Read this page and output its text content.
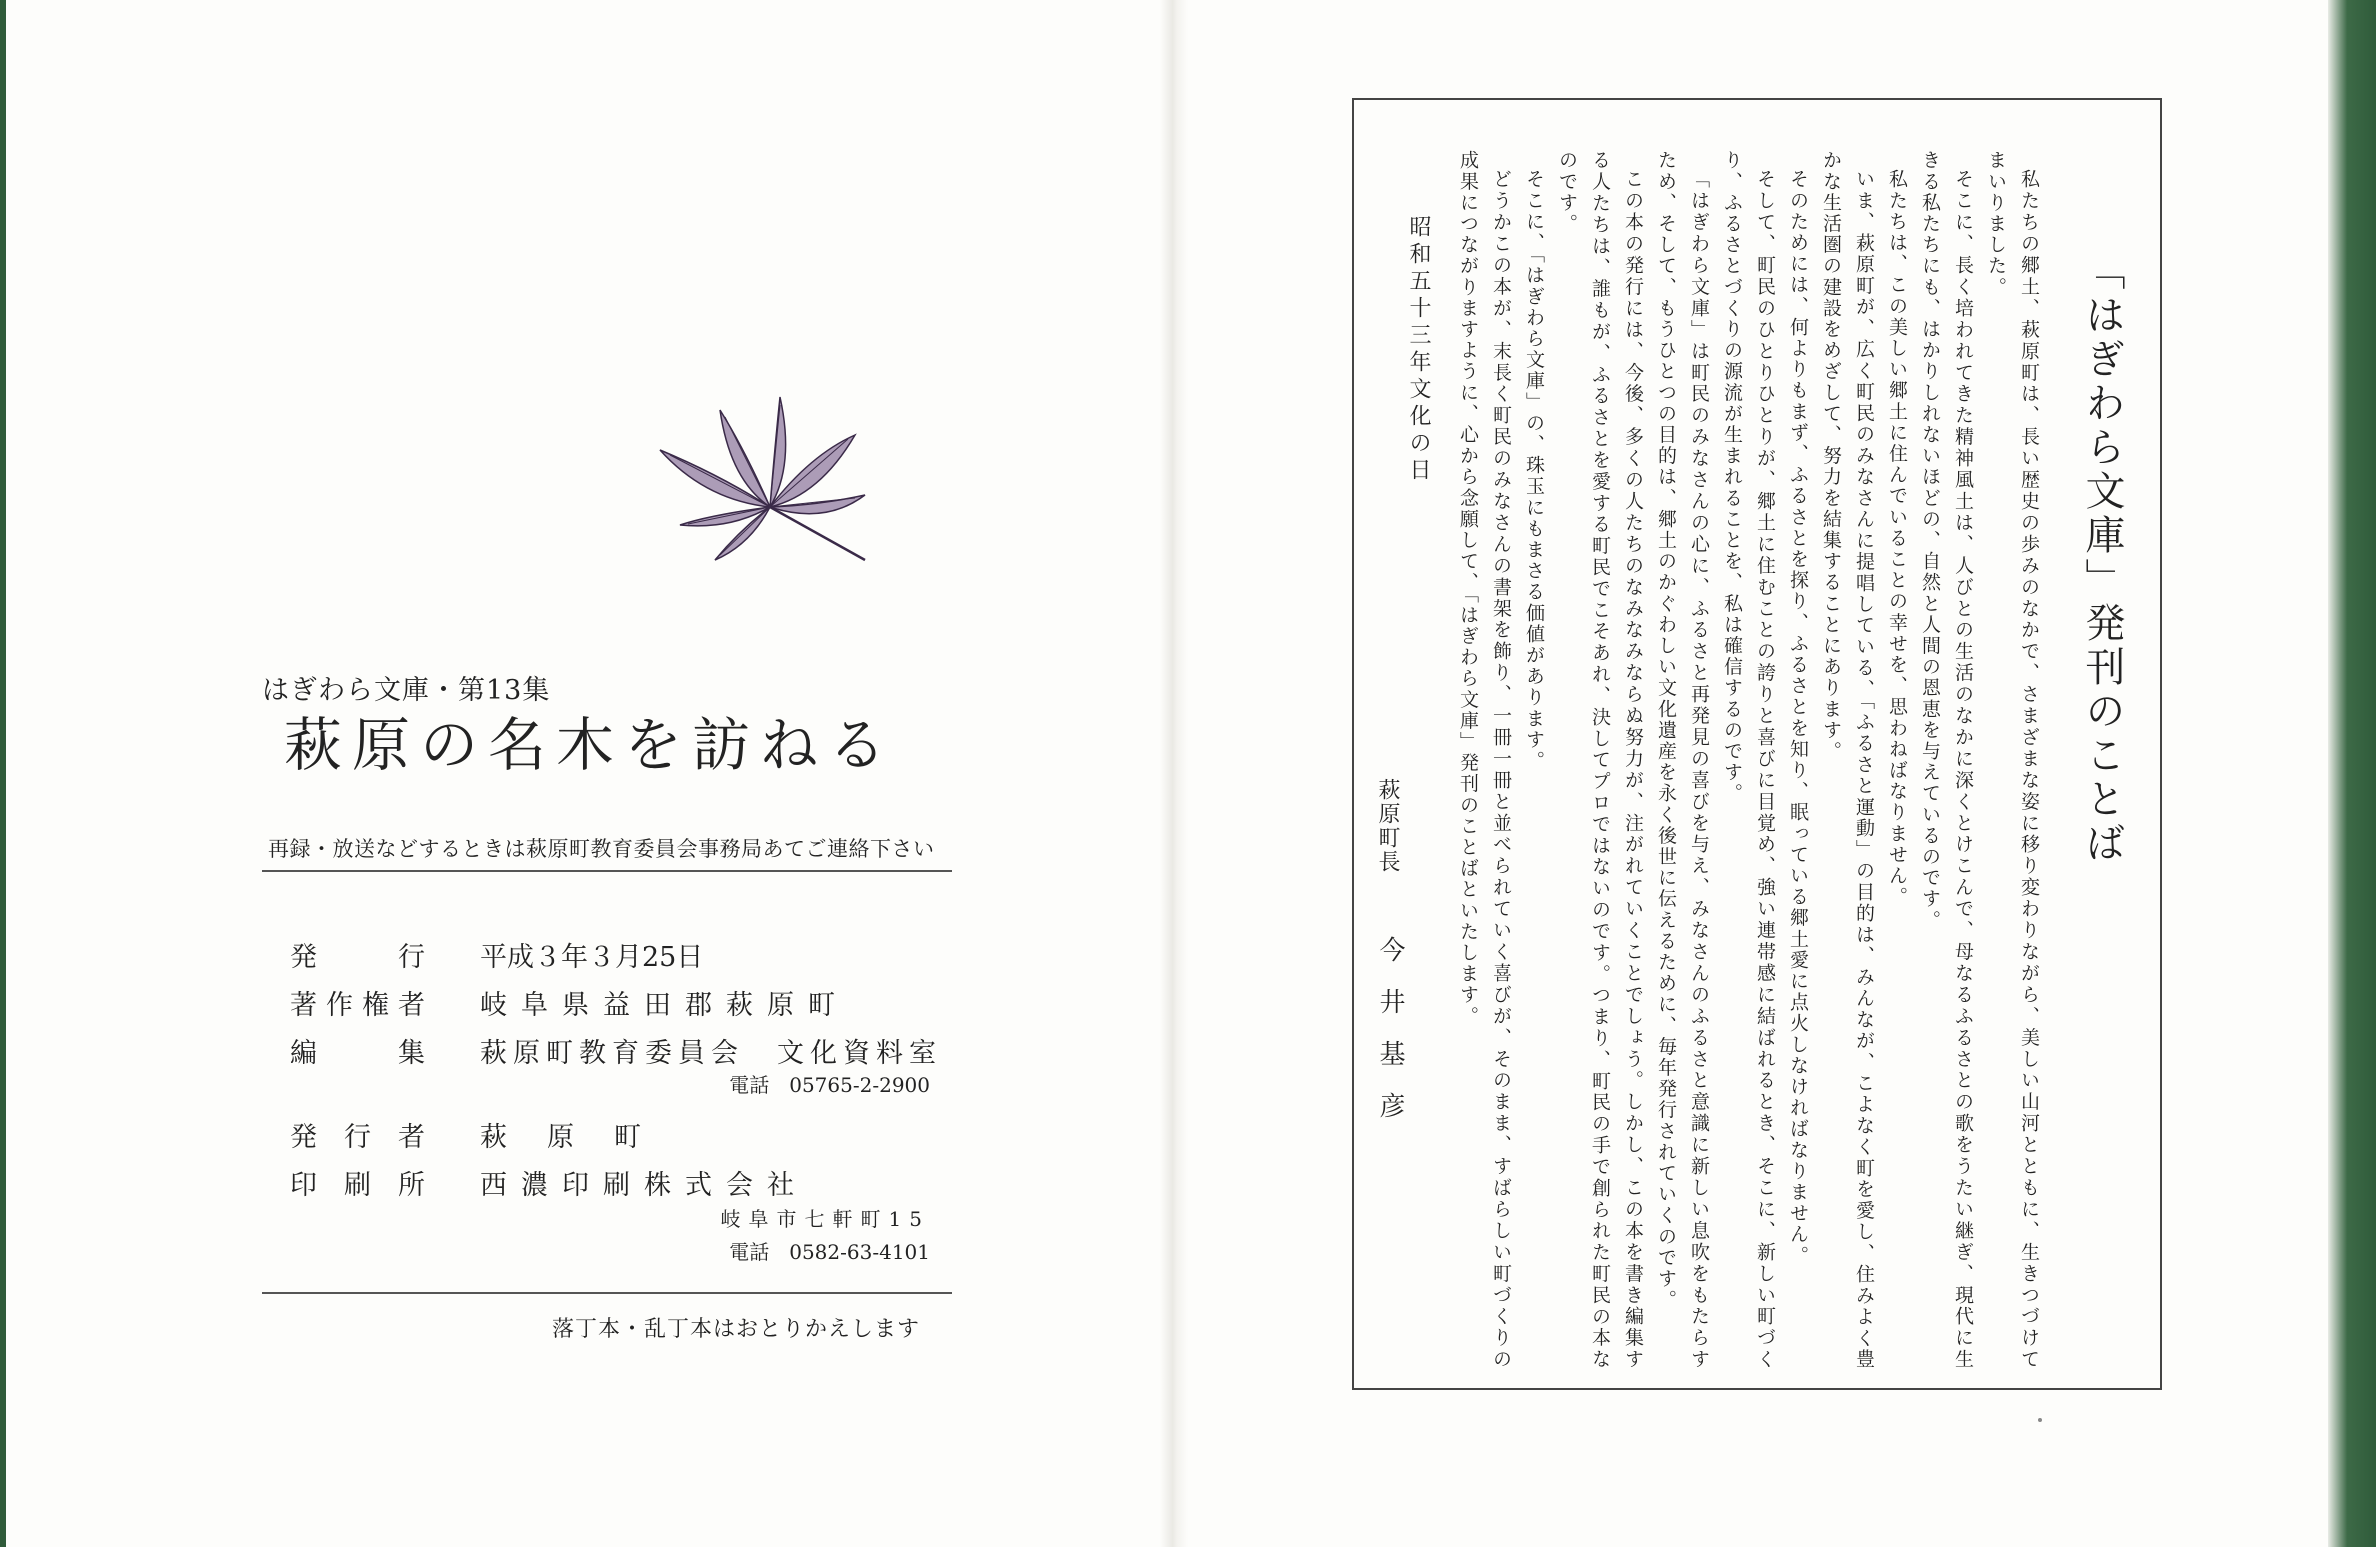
はぎわら文庫・第13集
萩原の名木を訪ねる
再録・放送などするときは萩原町教育委員会事務局あてご連絡下さい
発行 平成３年３月25日
著作権者 岐阜県益田郡萩原町
編集 萩原町教育委員会　文化資料室
電話　05765-2-2900
発行者 萩原町
印刷所 西濃印刷株式会社
岐阜市七軒町15
電話　0582-63-4101
落丁本・乱丁本はおとりかえします
「はぎわら文庫」発刊のことば

私たちの郷土、萩原町は、長い歴史の歩みのなかで、さまざまな姿に移り変わりながら、美しい山河とともに、生きつづけてまいりました。

そこに、長く培われてきた精神風土は、人びとの生活のなかに深くとけこんで、母なるふるさとの歌をうたい継ぎ、現代に生きる私たちにも、はかりしれないほどの、自然と人間の恩恵を与えているのです。

私たちは、この美しい郷土に住んでいることの幸せを、思わねばなりません。

いま、萩原町が、広く町民のみなさんに提唱している、「ふるさと運動」の目的は、みんなが、こよなく町を愛し、住みよく豊かな生活圏の建設をめざして、努力を結集することにあります。

そのためには、何よりもまず、ふるさとを探り、ふるさとを知り、眠っている郷土愛に点火しなければなりません。

そして、町民のひとりひとりが、郷土に住むことの誇りと喜びに目覚め、強い連帯感に結ばれるとき、そこに、新しい町づくり、ふるさとづくりの源流が生まれることを、私は確信するのです。

「はぎわら文庫」は町民のみなさんの心に、ふるさと再発見の喜びを与え、みなさんのふるさと意識に新しい息吹をもたらすため、そして、もうひとつの目的は、郷土のかぐわしい文化遺産を永く後世に伝えるために、毎年発行されていくのです。

この本の発行には、今後、多くの人たちのなみなみならぬ努力が、注がれていくことでしょう。しかし、この本を書き編集する人たちは、誰もが、ふるさとを愛する町民でこそあれ、決してプロではないのです。つまり、町民の手で創られた町民の本なのです。

そこに、「はぎわら文庫」の、珠玉にもまさる価値があります。

どうかこの本が、末長く町民のみなさんの書架を飾り、一冊一冊と並べられていく喜びが、そのまま、すばらしい町づくりの成果につながりますように、心から念願して、「はぎわら文庫」発刊のことばといたします。

昭和五十三年文化の日
萩原町長
今井基彦
